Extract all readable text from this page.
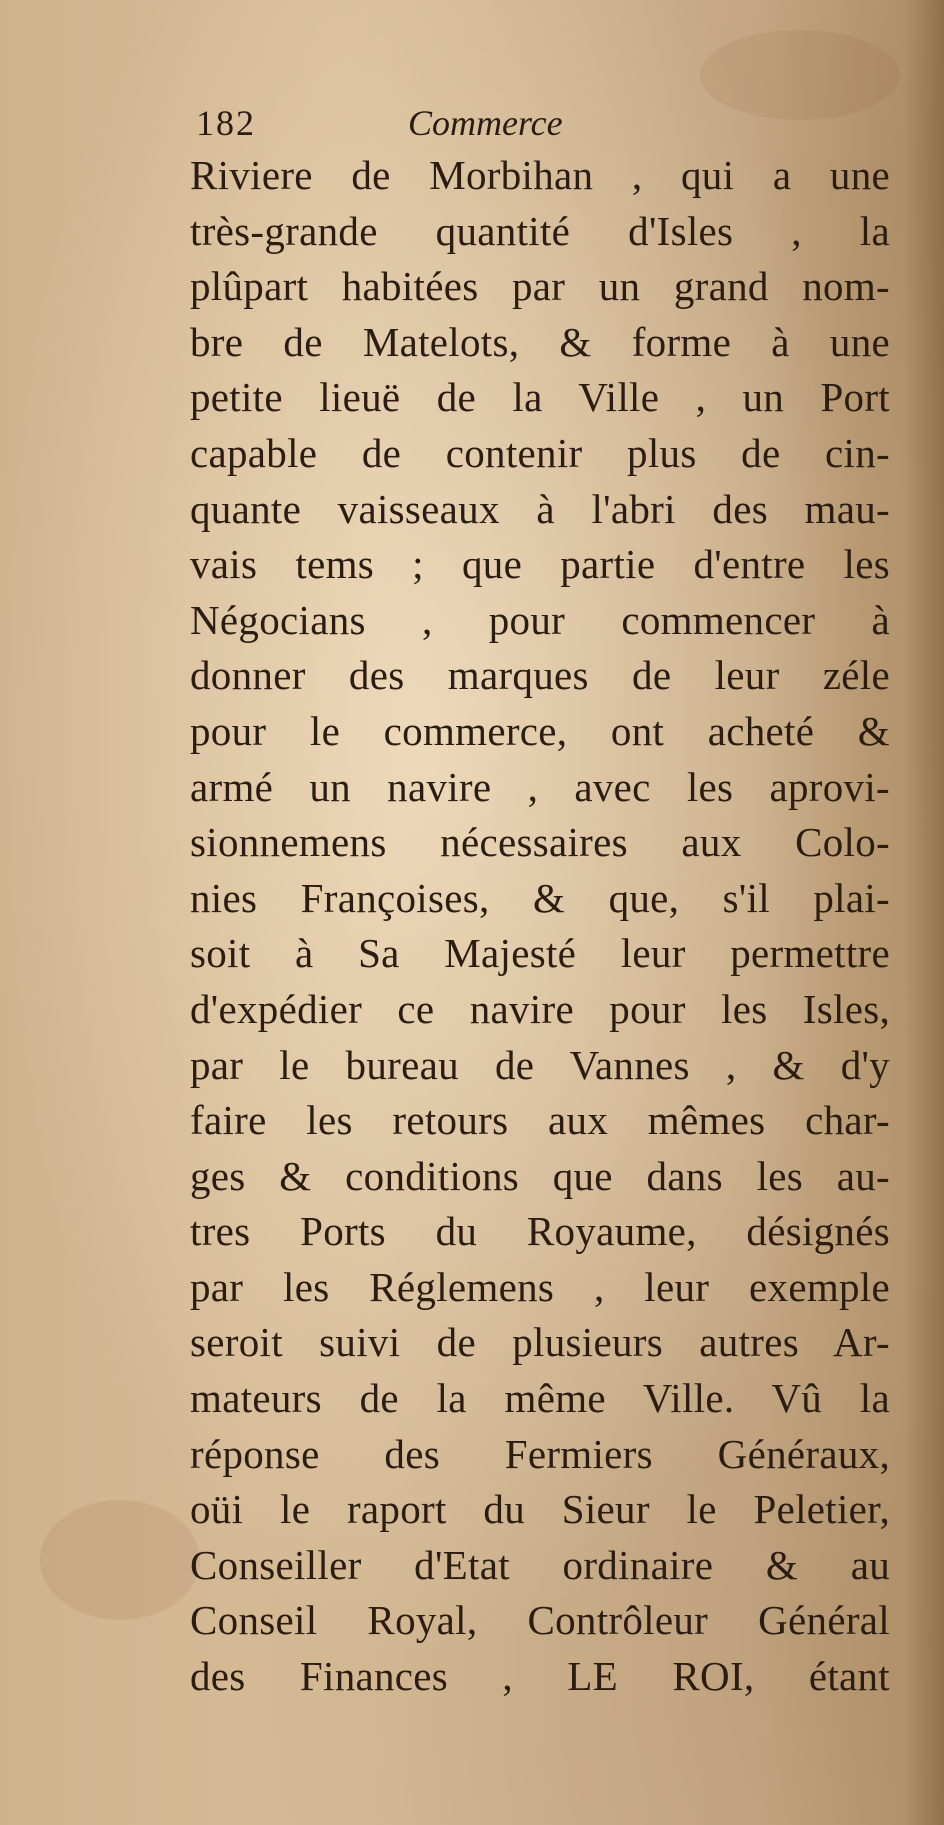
182	Commerce
Riviere de Morbihan , qui a une
très-grande quantité d'Isles , la
plûpart habitées par un grand nom-
bre de Matelots, & forme à une
petite lieuë de la Ville , un Port
capable de contenir plus de cin-
quante vaisseaux à l'abri des mau-
vais tems ; que partie d'entre les
Négocians , pour commencer à
donner des marques de leur zéle
pour le commerce, ont acheté &
armé un navire , avec les aprovi-
sionnemens nécessaires aux Colo-
nies Françoises, & que, s'il plai-
soit à Sa Majesté leur permettre
d'expédier ce navire pour les Isles,
par le bureau de Vannes , & d'y
faire les retours aux mêmes char-
ges & conditions que dans les au-
tres Ports du Royaume, désignés
par les Réglemens , leur exemple
seroit suivi de plusieurs autres Ar-
mateurs de la même Ville. Vû la
réponse des Fermiers Généraux,
oüi le raport du Sieur le Peletier,
Conseiller d'Etat ordinaire & au
Conseil Royal, Contrôleur Général
des Finances , LE ROI, étant
